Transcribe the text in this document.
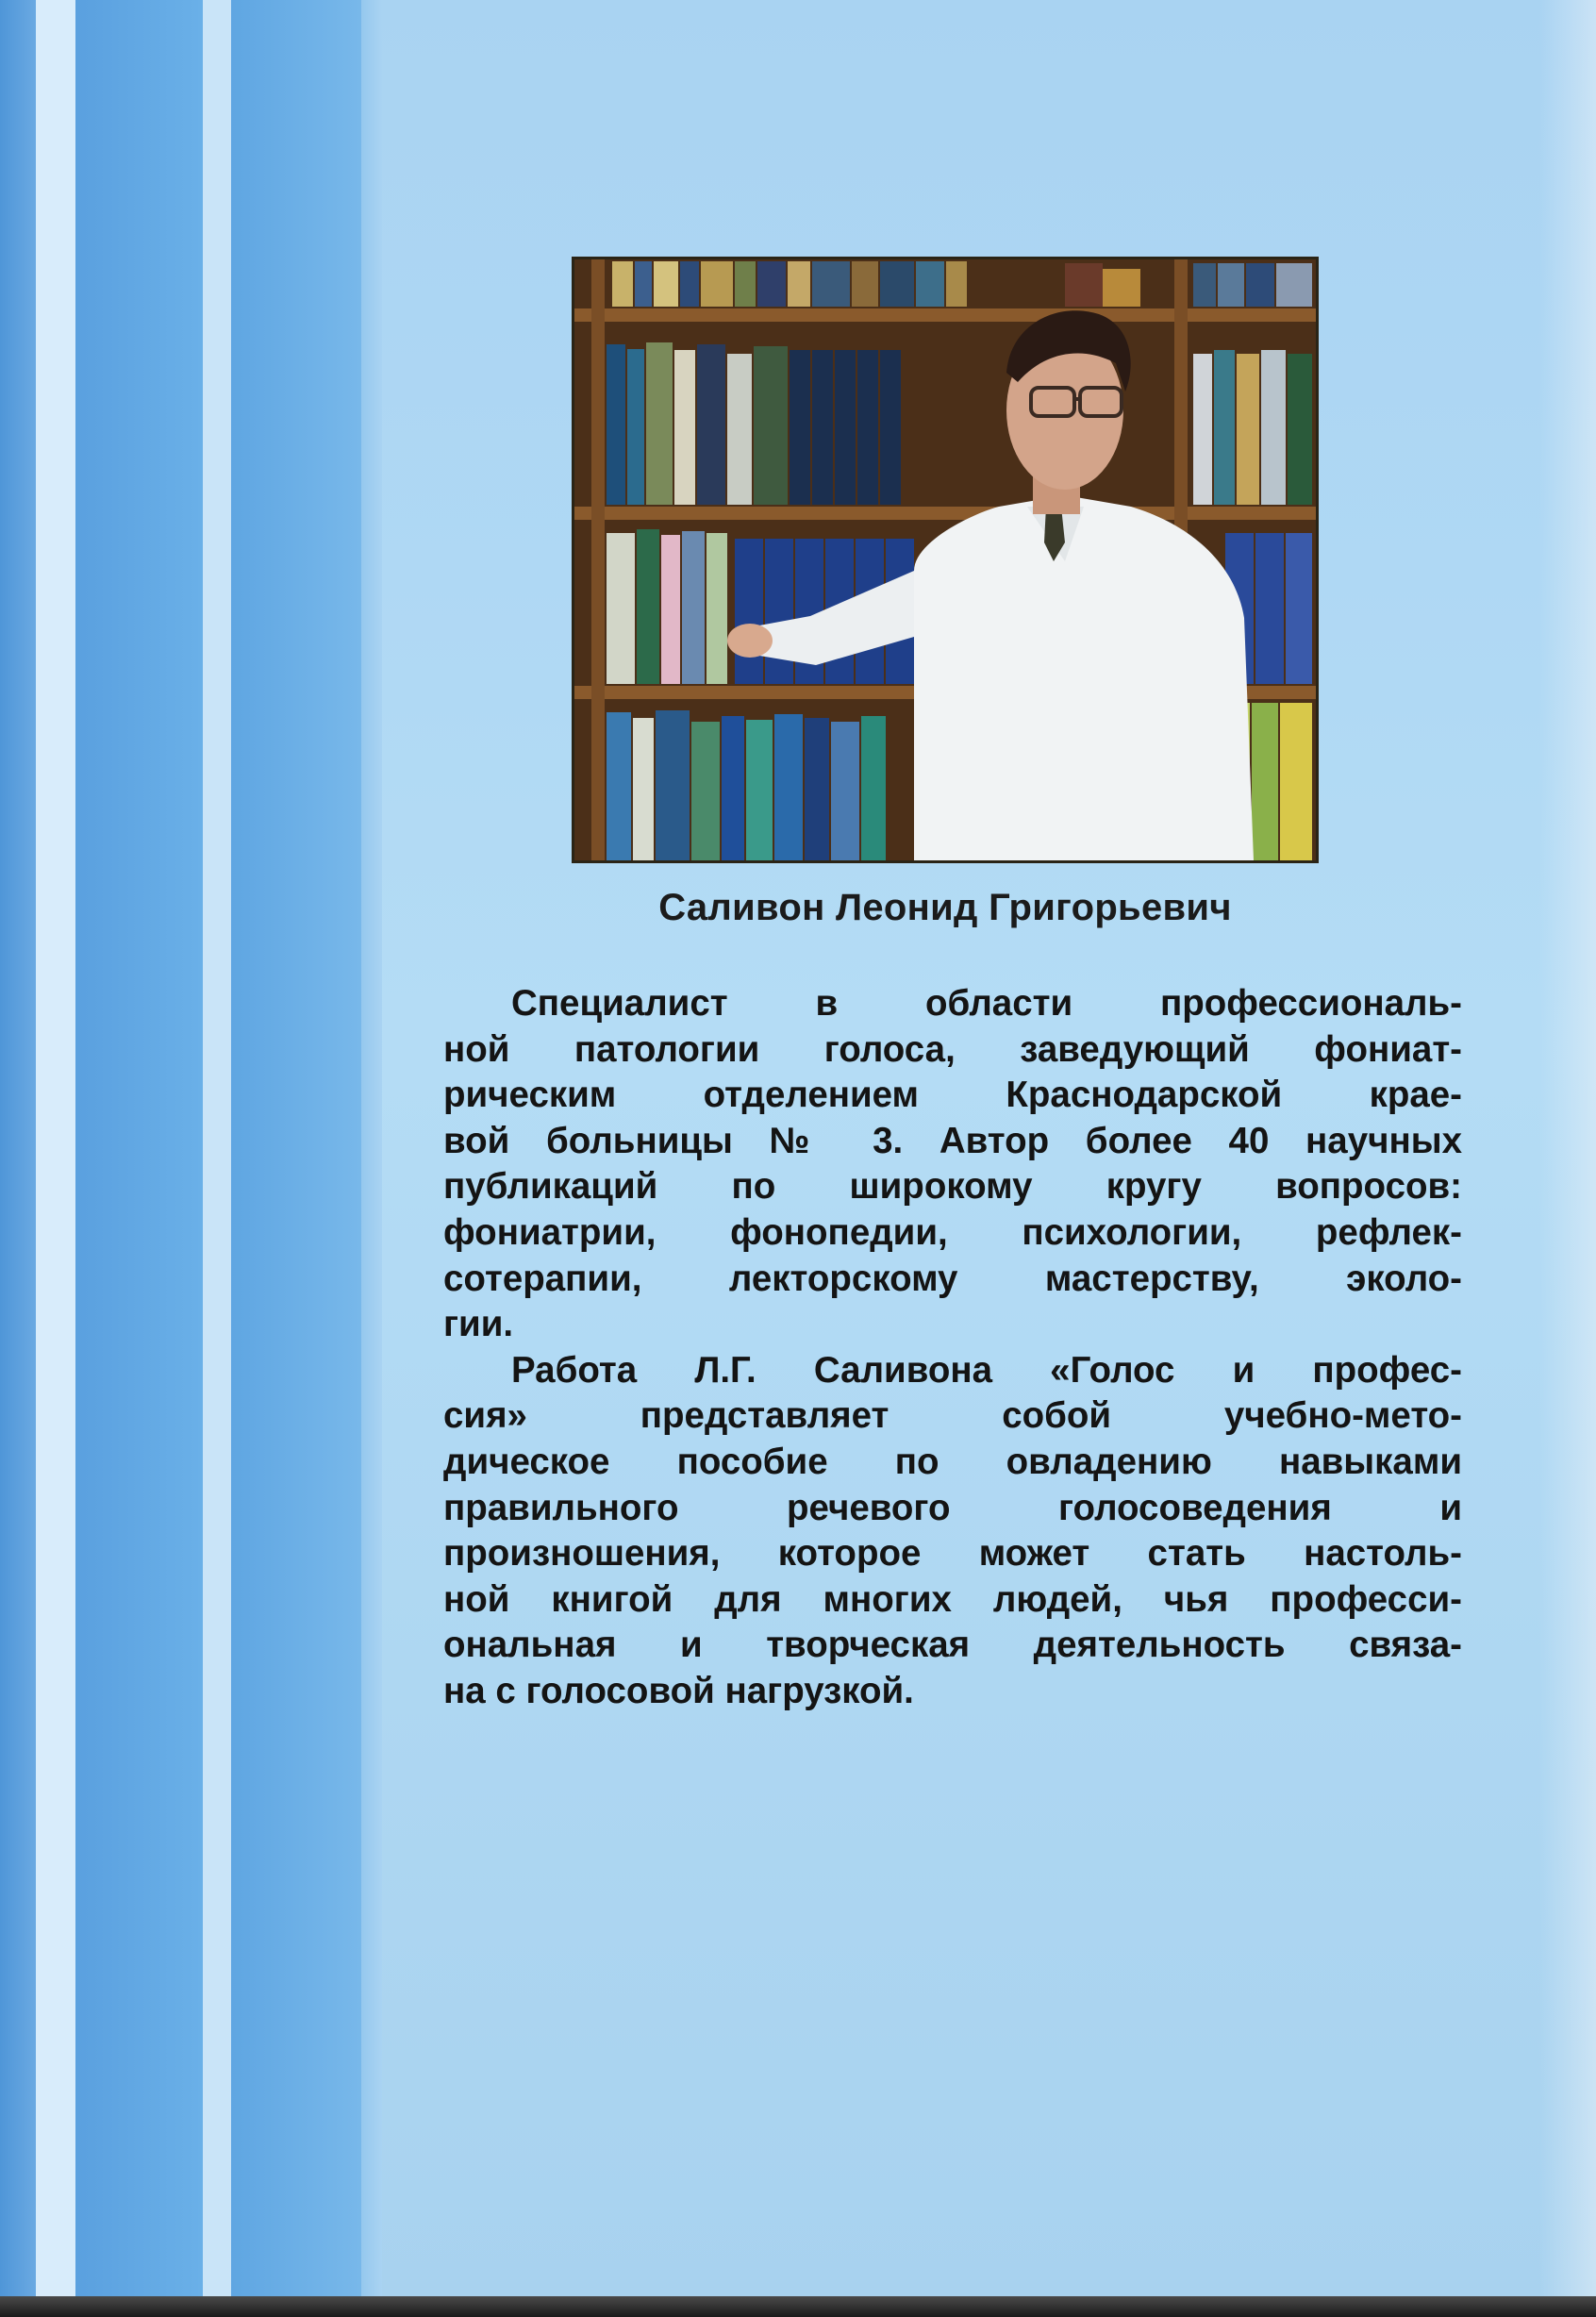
Саливон Леонид Григорьевич

Специалист в области профессиональ-
ной патологии голоса, заведующий фониат-
рическим отделением Краснодарской крае-
вой больницы № 3. Автор более 40 научных
публикаций по широкому кругу вопросов:
фониатрии, фонопедии, психологии, рефлек-
сотерапии, лекторскому мастерству, эколо-
гии.

Работа Л.Г. Саливона «Голос и профес-
сия» представляет собой учебно-мето-
дическое пособие по овладению навыками
правильного речевого голосоведения и
произношения, которое может стать настоль-
ной книгой для многих людей, чья професси-
ональная и творческая деятельность связа-
на с голосовой нагрузкой.
